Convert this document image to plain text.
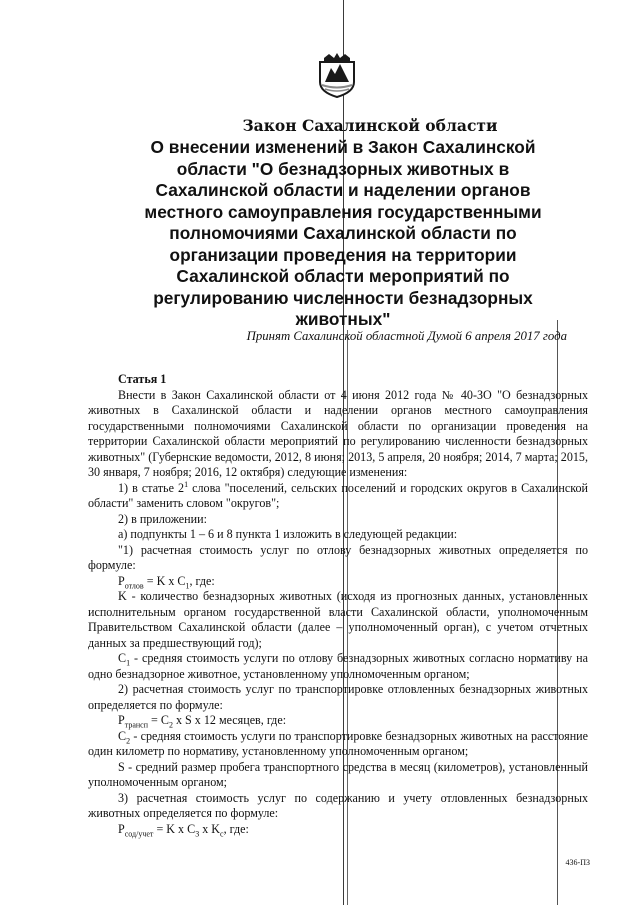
Закон Сахалинской области
О внесении изменений в Закон Сахалинской
области "О безнадзорных животных в
Сахалинской области и наделении органов
местного самоуправления государственными
полномочиями Сахалинской области по
организации проведения на территории
Сахалинской области мероприятий по
регулированию численности безнадзорных
животных"
Принят Сахалинской областной Думой 6 апреля 2017 года

Статья 1

Внести в Закон Сахалинской области от 4 июня 2012 года № 40-ЗО "О безнадзорных животных в Сахалинской области и наделении органов местного самоуправления государственными полномочиями Сахалинской области по организации проведения на территории Сахалинской области мероприятий по регулированию численности безнадзорных животных" (Губернские ведомости, 2012, 8 июня; 2013, 5 апреля, 20 ноября; 2014, 7 марта; 2015, 30 января, 7 ноября; 2016, 12 октября) следующие изменения:

1) в статье $2^1$ слова "поселений, сельских поселений и городских округов в Сахалинской области" заменить словом "округов";

2) в приложении:

а) подпункты 1 – 6 и 8 пункта 1 изложить в следующей редакции:

"1) расчетная стоимость услуг по отлову безнадзорных животных определяется по формуле:

$P_{отлов} = K$ x $C_1$, где:

K - количество безнадзорных животных (исходя из прогнозных данных, установленных исполнительным органом государственной власти Сахалинской области, уполномоченным Правительством Сахалинской области (далее – уполномоченный орган), с учетом отчетных данных за предшествующий год);

$C_1$ - средняя стоимость услуги по отлову безнадзорных животных согласно нормативу на одно безнадзорное животное, установленному уполномоченным органом;

2) расчетная стоимость услуг по транспортировке отловленных безнадзорных животных определяется по формуле:

$P_{трансп} = C_2$ x S x 12 месяцев, где:

$C_2$ - средняя стоимость услуги по транспортировке безнадзорных животных на расстояние один километр по нормативу, установленному уполномоченным органом;

S - средний размер пробега транспортного средства в месяц (километров), установленный уполномоченным органом;

3) расчетная стоимость услуг по содержанию и учету отловленных безнадзорных животных определяется по формуле:

$P_{сод/учет} = K$ x $C_3$ x $K_с$, где:

436-ПЗ
